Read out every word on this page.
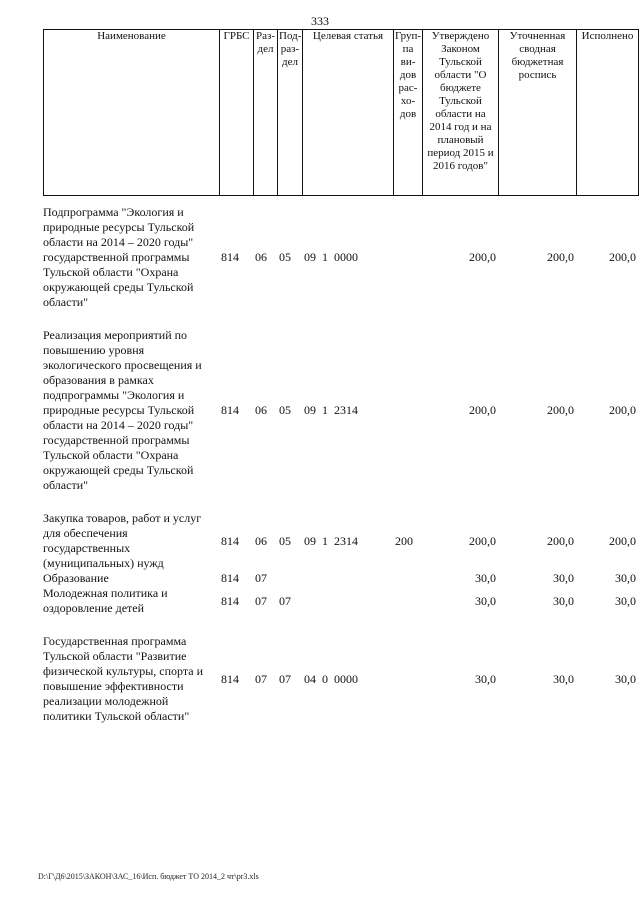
333
Наименование	ГРБС	Раз-дел	Под-раз-дел	Целевая статья	Груп-па ви-дов рас-хо-дов	Утверждено Законом Тульской области "О бюджете Тульской области на 2014 год и на плановый период 2015 и 2016 годов"	Уточненная сводная бюджетная роспись	Исполнено
Подпрограмма "Экология и природные ресурсы Тульской области на 2014 – 2020 годы" государственной программы Тульской области "Охрана окружающей среды Тульской области"	814	06	05	09  1  0000		200,0	200,0	200,0

Реализация мероприятий по повышению уровня экологического просвещения и образования в рамках подпрограммы "Экология и природные ресурсы Тульской области на 2014 – 2020 годы" государственной программы Тульской области "Охрана окружающей среды Тульской области"	814	06	05	09  1  2314		200,0	200,0	200,0

Закупка товаров, работ и услуг для обеспечения государственных (муниципальных) нужд	814	06	05	09  1  2314	200	200,0	200,0	200,0
Образование	814	07				30,0	30,0	30,0
Молодежная политика и оздоровление детей	814	07	07			30,0	30,0	30,0

Государственная программа Тульской области "Развитие физической культуры, спорта и повышение эффективности реализации молодежной политики Тульской области"	814	07	07	04  0  0000		30,0	30,0	30,0
D:\Г\Д6\2015\ЗАКОН\ЗАС_16\Исп. бюджет ТО 2014_2 чт\pr3.xls
